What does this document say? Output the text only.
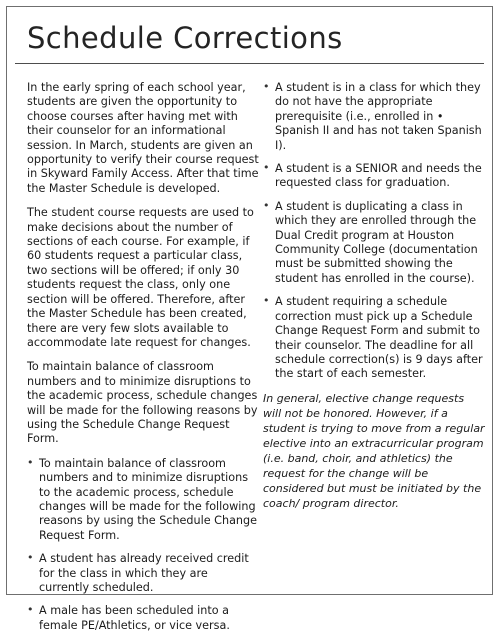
Schedule Corrections

In the early spring of each school year, students are given the opportunity to choose courses after having met with their counselor for an informational session. In March, students are given an opportunity to verify their course request in Skyward Family Access. After that time the Master Schedule is developed.

The student course requests are used to make decisions about the number of sections of each course. For example, if 60 students request a particular class, two sections will be offered; if only 30 students request the class, only one section will be offered. Therefore, after the Master Schedule has been created, there are very few slots available to accommodate late request for changes.

To maintain balance of classroom numbers and to minimize disruptions to the academic process, schedule changes will be made for the following reasons by using the Schedule Change Request Form.

• To maintain balance of classroom numbers and to minimize disruptions to the academic process, schedule changes will be made for the following reasons by using the Schedule Change Request Form.
• A student has already received credit for the class in which they are currently scheduled.
• A male has been scheduled into a female PE/Athletics, or vice versa.
• A student is in a class for which they do not have the appropriate prerequisite (i.e., enrolled in • Spanish II and has not taken Spanish I).
• A student is a SENIOR and needs the requested class for graduation.
• A student is duplicating a class in which they are enrolled through the Dual Credit program at Houston Community College (documentation must be submitted showing the student has enrolled in the course).
• A student requiring a schedule correction must pick up a Schedule Change Request Form and submit to their counselor. The deadline for all schedule correction(s) is 9 days after the start of each semester.

In general, elective change requests will not be honored. However, if a student is trying to move from a regular elective into an extracurricular program (i.e. band, choir, and athletics) the request for the change will be considered but must be initiated by the coach/ program director.
